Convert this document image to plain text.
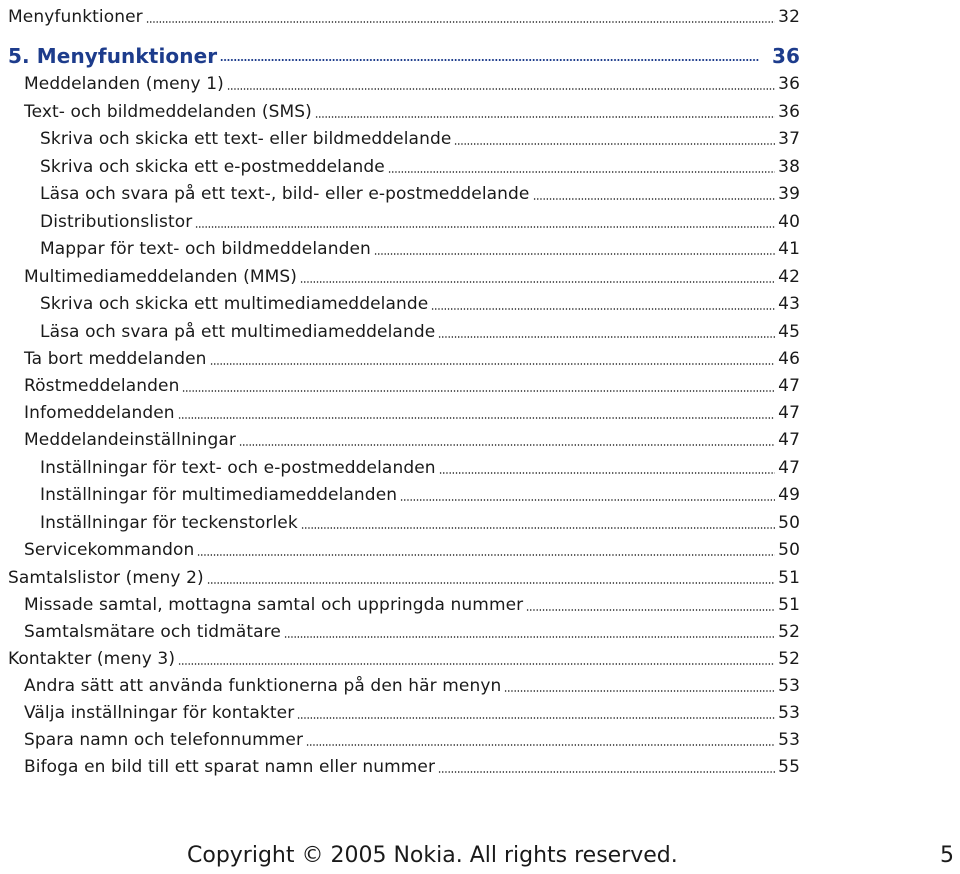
Menyfunktioner	32
5. Menyfunktioner	36
Meddelanden (meny 1)	36
Text- och bildmeddelanden (SMS)	36
Skriva och skicka ett text- eller bildmeddelande	37
Skriva och skicka ett e-postmeddelande	38
Läsa och svara på ett text-, bild- eller e-postmeddelande	39
Distributionslistor	40
Mappar för text- och bildmeddelanden	41
Multimediameddelanden (MMS)	42
Skriva och skicka ett multimediameddelande	43
Läsa och svara på ett multimediameddelande	45
Ta bort meddelanden	46
Röstmeddelanden	47
Infomeddelanden	47
Meddelandeinställningar	47
Inställningar för text- och e-postmeddelanden	47
Inställningar för multimediameddelanden	49
Inställningar för teckenstorlek	50
Servicekommandon	50
Samtalslistor (meny 2)	51
Missade samtal, mottagna samtal och uppringda nummer	51
Samtalsmätare och tidmätare	52
Kontakter (meny 3)	52
Andra sätt att använda funktionerna på den här menyn	53
Välja inställningar för kontakter	53
Spara namn och telefonnummer	53
Bifoga en bild till ett sparat namn eller nummer	55
Copyright © 2005 Nokia. All rights reserved.	5
